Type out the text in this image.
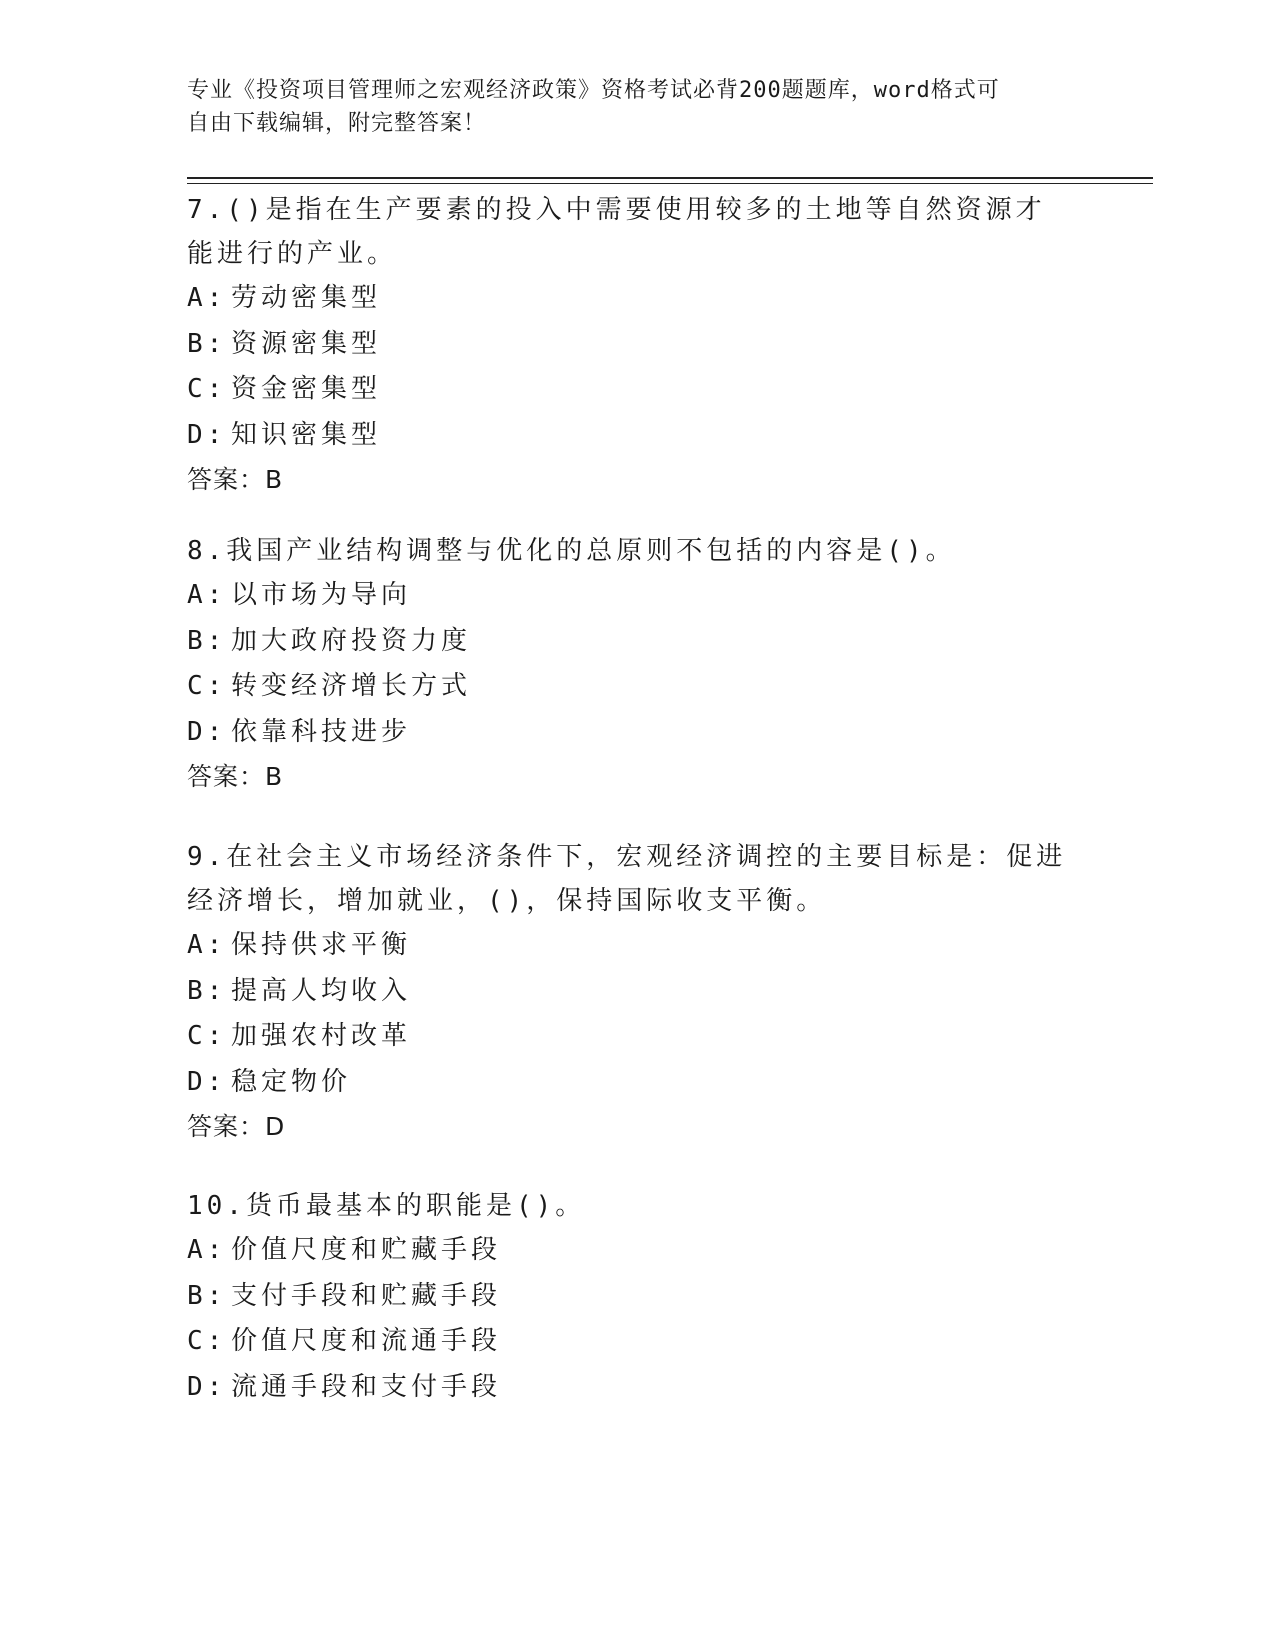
专业《投资项目管理师之宏观经济政策》资格考试必背200题题库，word格式可
自由下载编辑，附完整答案！
7.()是指在生产要素的投入中需要使用较多的土地等自然资源才能进行的产业。
A: 劳动密集型
B: 资源密集型
C: 资金密集型
D: 知识密集型
答案：B
8.我国产业结构调整与优化的总原则不包括的内容是()。
A: 以市场为导向
B: 加大政府投资力度
C: 转变经济增长方式
D: 依靠科技进步
答案：B
9.在社会主义市场经济条件下，宏观经济调控的主要目标是：促进经济增长，增加就业，()，保持国际收支平衡。
A: 保持供求平衡
B: 提高人均收入
C: 加强农村改革
D: 稳定物价
答案：D
10.货币最基本的职能是()。
A: 价值尺度和贮藏手段
B: 支付手段和贮藏手段
C: 价值尺度和流通手段
D: 流通手段和支付手段
